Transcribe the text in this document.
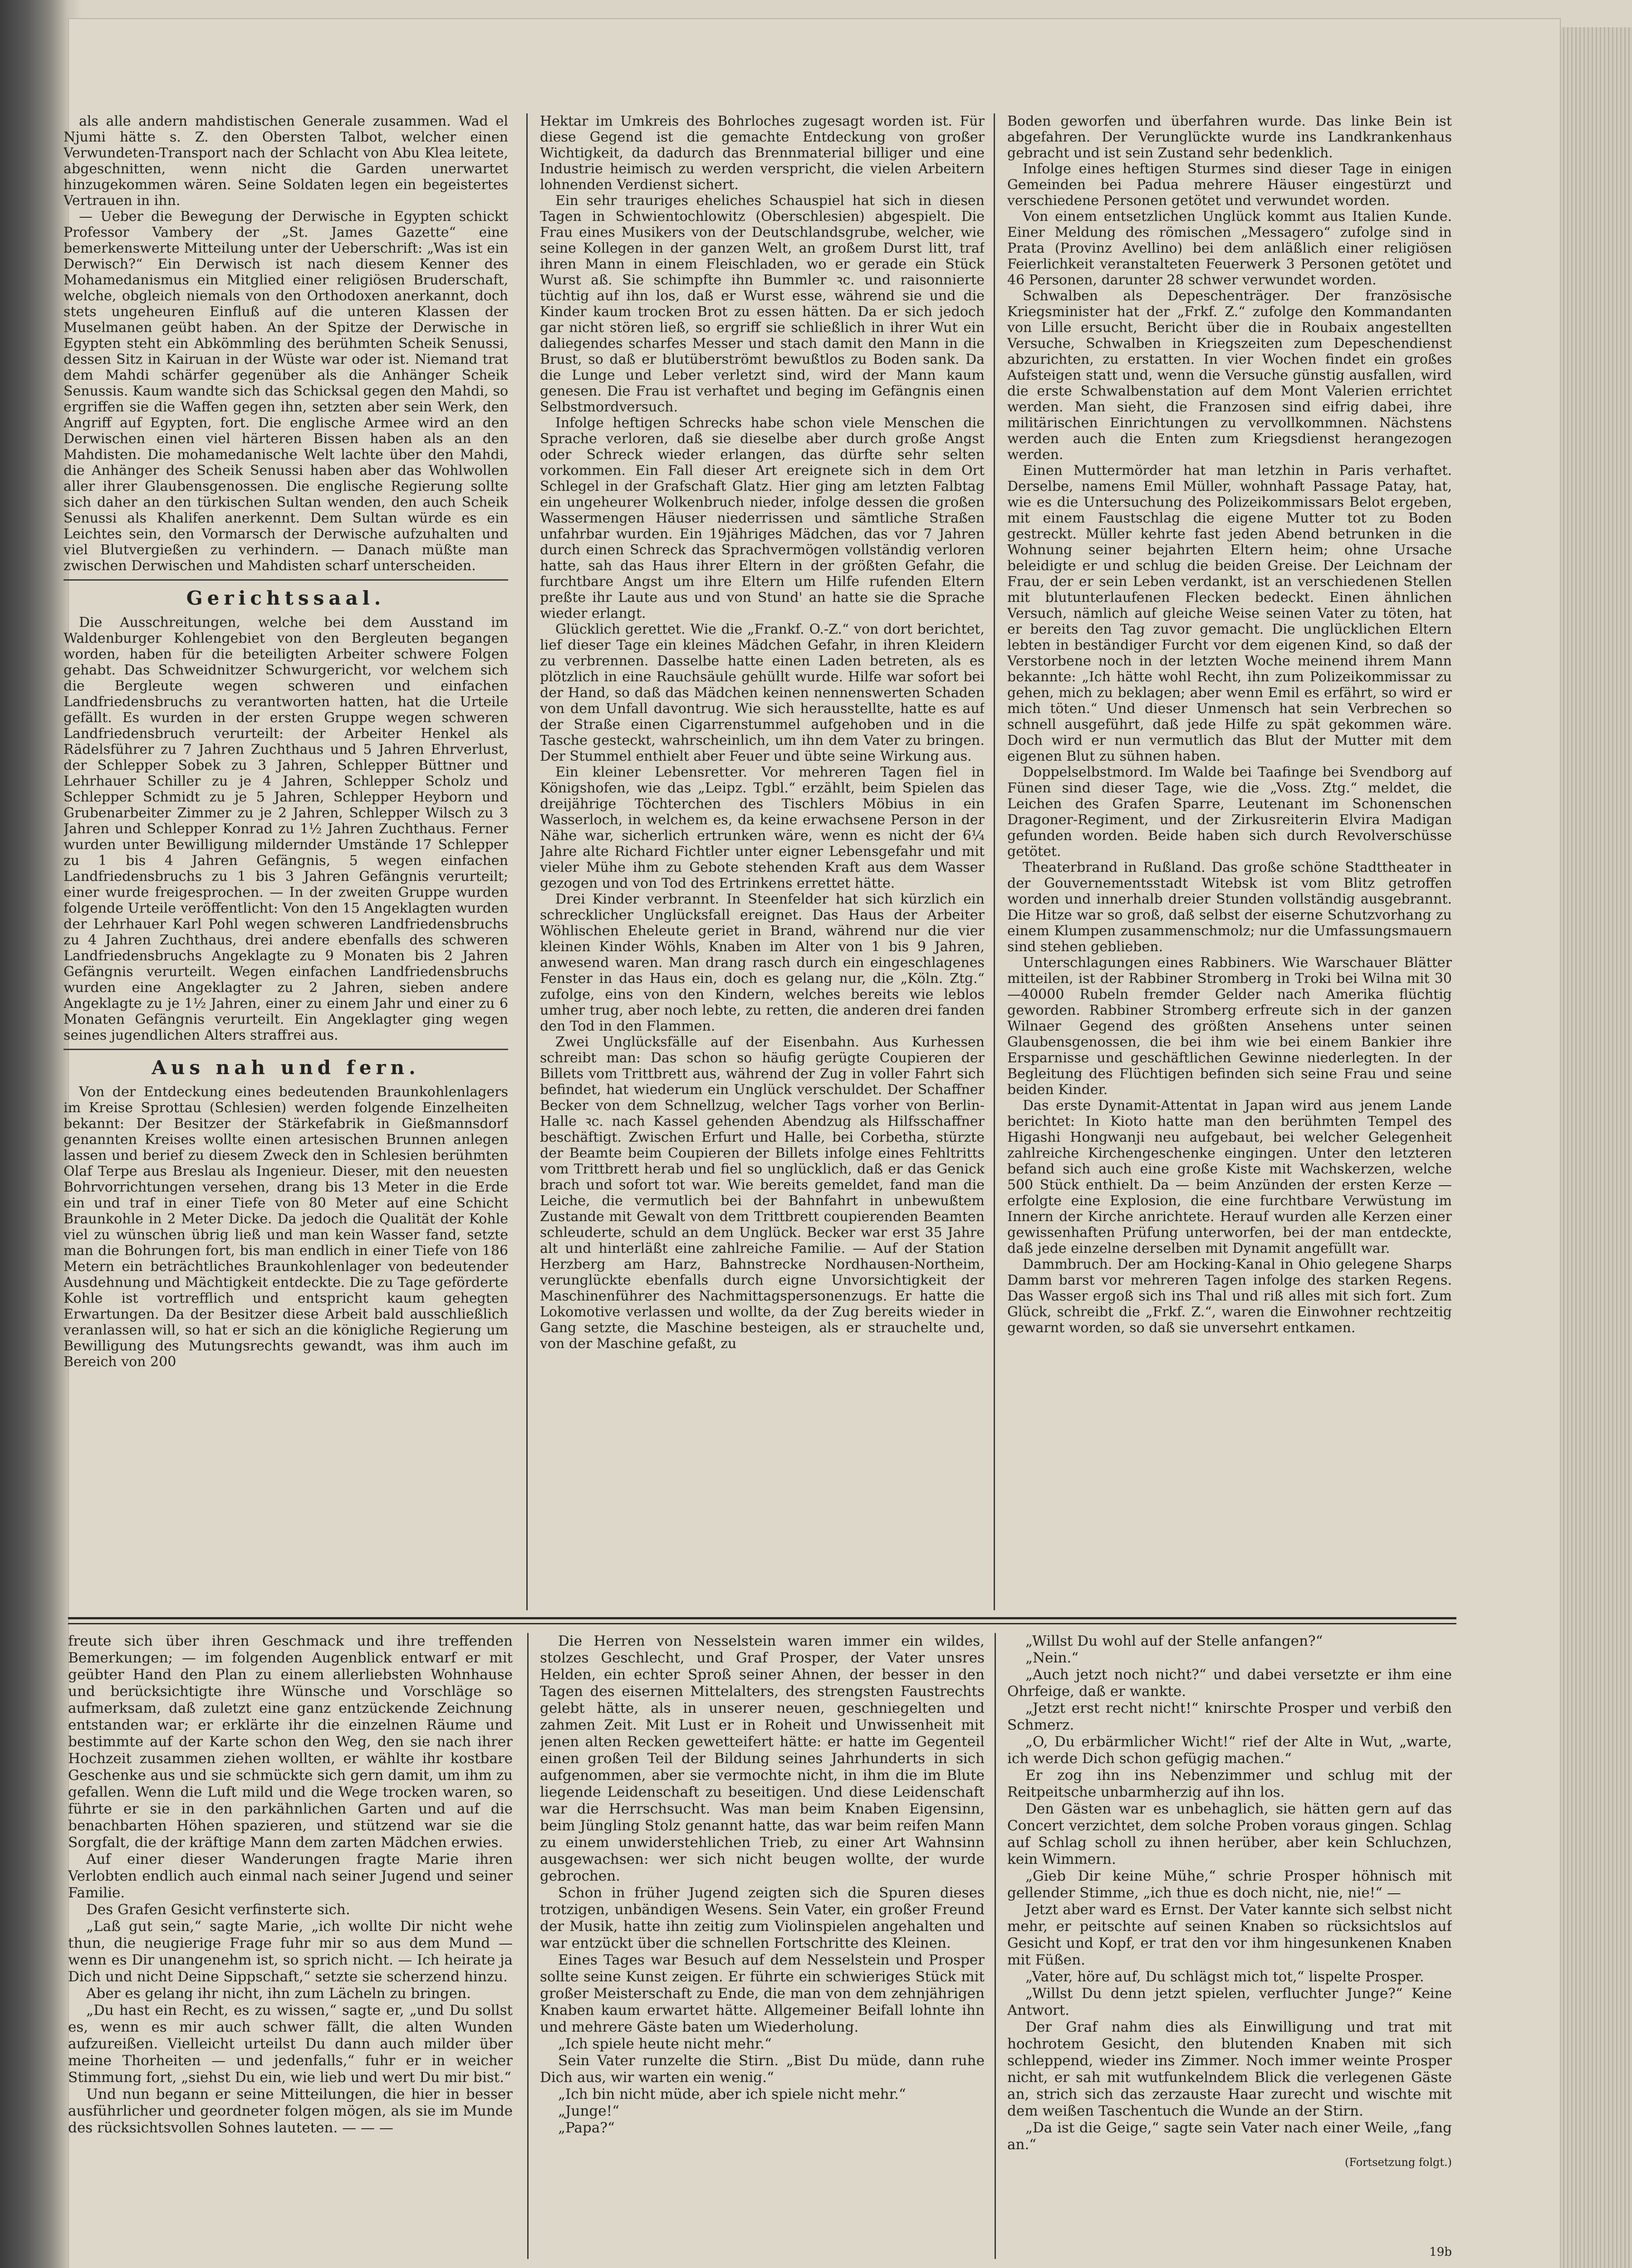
als alle andern mahdistischen Generale zusammen. Wad el Njumi hätte s. Z. den Obersten Talbot, welcher einen Verwundeten-Transport nach der Schlacht von Abu Klea leitete, abgeschnitten, wenn nicht die Garden unerwartet hinzugekommen wären. Seine Soldaten legen ein begeistertes Vertrauen in ihn.

— Ueber die Bewegung der Derwische in Egypten schickt Professor Vambery der „St. James Gazette“ eine bemerkenswerte Mitteilung unter der Ueberschrift: „Was ist ein Derwisch?“ Ein Derwisch ist nach diesem Kenner des Mohamedanismus ein Mitglied einer religiösen Bruderschaft, welche, obgleich niemals von den Orthodoxen anerkannt, doch stets ungeheuren Einfluß auf die unteren Klassen der Muselmanen geübt haben. An der Spitze der Derwische in Egypten steht ein Abkömmling des berühmten Scheik Senussi, dessen Sitz in Kairuan in der Wüste war oder ist. Niemand trat dem Mahdi schärfer gegenüber als die Anhänger Scheik Senussis. Kaum wandte sich das Schicksal gegen den Mahdi, so ergriffen sie die Waffen gegen ihn, setzten aber sein Werk, den Angriff auf Egypten, fort. Die englische Armee wird an den Derwischen einen viel härteren Bissen haben als an den Mahdisten. Die mohamedanische Welt lachte über den Mahdi, die Anhänger des Scheik Senussi haben aber das Wohlwollen aller ihrer Glaubensgenossen. Die englische Regierung sollte sich daher an den türkischen Sultan wenden, den auch Scheik Senussi als Khalifen anerkennt. Dem Sultan würde es ein Leichtes sein, den Vormarsch der Derwische aufzuhalten und viel Blutvergießen zu verhindern. — Danach müßte man zwischen Derwischen und Mahdisten scharf unterscheiden.

Gerichtssaal.

Die Ausschreitungen, welche bei dem Ausstand im Waldenburger Kohlengebiet von den Bergleuten begangen worden, haben für die beteiligten Arbeiter schwere Folgen gehabt. Das Schweidnitzer Schwurgericht, vor welchem sich die Bergleute wegen schweren und einfachen Landfriedensbruchs zu verantworten hatten, hat die Urteile gefällt. Es wurden in der ersten Gruppe wegen schweren Landfriedensbruch verurteilt: der Arbeiter Henkel als Rädelsführer zu 7 Jahren Zuchthaus und 5 Jahren Ehrverlust, der Schlepper Sobek zu 3 Jahren, Schlepper Büttner und Lehrhauer Schiller zu je 4 Jahren, Schlepper Scholz und Schlepper Schmidt zu je 5 Jahren, Schlepper Heyborn und Grubenarbeiter Zimmer zu je 2 Jahren, Schlepper Wilsch zu 3 Jahren und Schlepper Konrad zu 1½ Jahren Zuchthaus. Ferner wurden unter Bewilligung mildernder Umstände 17 Schlepper zu 1 bis 4 Jahren Gefängnis, 5 wegen einfachen Landfriedensbruchs zu 1 bis 3 Jahren Gefängnis verurteilt; einer wurde freigesprochen. — In der zweiten Gruppe wurden folgende Urteile veröffentlicht: Von den 15 Angeklagten wurden der Lehrhauer Karl Pohl wegen schweren Landfriedensbruchs zu 4 Jahren Zuchthaus, drei andere ebenfalls des schweren Landfriedensbruchs Angeklagte zu 9 Monaten bis 2 Jahren Gefängnis verurteilt. Wegen einfachen Landfriedensbruchs wurden eine Angeklagter zu 2 Jahren, sieben andere Angeklagte zu je 1½ Jahren, einer zu einem Jahr und einer zu 6 Monaten Gefängnis verurteilt. Ein Angeklagter ging wegen seines jugendlichen Alters straffrei aus.

Aus nah und fern.

Von der Entdeckung eines bedeutenden Braunkohlenlagers im Kreise Sprottau (Schlesien) werden folgende Einzelheiten bekannt: Der Besitzer der Stärkefabrik in Gießmannsdorf genannten Kreises wollte einen artesischen Brunnen anlegen lassen und berief zu diesem Zweck den in Schlesien berühmten Olaf Terpe aus Breslau als Ingenieur. Dieser, mit den neuesten Bohrvorrichtungen versehen, drang bis 13 Meter in die Erde ein und traf in einer Tiefe von 80 Meter auf eine Schicht Braunkohle in 2 Meter Dicke. Da jedoch die Qualität der Kohle viel zu wünschen übrig ließ und man kein Wasser fand, setzte man die Bohrungen fort, bis man endlich in einer Tiefe von 186 Metern ein beträchtliches Braunkohlenlager von bedeutender Ausdehnung und Mächtigkeit entdeckte. Die zu Tage geförderte Kohle ist vortrefflich und entspricht kaum gehegten Erwartungen. Da der Besitzer diese Arbeit bald ausschließlich veranlassen will, so hat er sich an die königliche Regierung um Bewilligung des Mutungsrechts gewandt, was ihm auch im Bereich von 200

Hektar im Umkreis des Bohrloches zugesagt worden ist. Für diese Gegend ist die gemachte Entdeckung von großer Wichtigkeit, da dadurch das Brennmaterial billiger und eine Industrie heimisch zu werden verspricht, die vielen Arbeitern lohnenden Verdienst sichert.

Ein sehr trauriges eheliches Schauspiel hat sich in diesen Tagen in Schwientochlowitz (Oberschlesien) abgespielt. Die Frau eines Musikers von der Deutschlandsgrube, welcher, wie seine Kollegen in der ganzen Welt, an großem Durst litt, traf ihren Mann in einem Fleischladen, wo er gerade ein Stück Wurst aß. Sie schimpfte ihn Bummler ꝛc. und raisonnierte tüchtig auf ihn los, daß er Wurst esse, während sie und die Kinder kaum trocken Brot zu essen hätten. Da er sich jedoch gar nicht stören ließ, so ergriff sie schließlich in ihrer Wut ein daliegendes scharfes Messer und stach damit den Mann in die Brust, so daß er blutüberströmt bewußtlos zu Boden sank. Da die Lunge und Leber verletzt sind, wird der Mann kaum genesen. Die Frau ist verhaftet und beging im Gefängnis einen Selbstmordversuch.

Infolge heftigen Schrecks habe schon viele Menschen die Sprache verloren, daß sie dieselbe aber durch große Angst oder Schreck wieder erlangen, das dürfte sehr selten vorkommen. Ein Fall dieser Art ereignete sich in dem Ort Schlegel in der Grafschaft Glatz. Hier ging am letzten Falbtag ein ungeheurer Wolkenbruch nieder, infolge dessen die großen Wassermengen Häuser niederrissen und sämtliche Straßen unfahrbar wurden. Ein 19jähriges Mädchen, das vor 7 Jahren durch einen Schreck das Sprachvermögen vollständig verloren hatte, sah das Haus ihrer Eltern in der größten Gefahr, die furchtbare Angst um ihre Eltern um Hilfe rufenden Eltern preßte ihr Laute aus und von Stund' an hatte sie die Sprache wieder erlangt.

Glücklich gerettet. Wie die „Frankf. O.-Z.“ von dort berichtet, lief dieser Tage ein kleines Mädchen Gefahr, in ihren Kleidern zu verbrennen. Dasselbe hatte einen Laden betreten, als es plötzlich in eine Rauchsäule gehüllt wurde. Hilfe war sofort bei der Hand, so daß das Mädchen keinen nennenswerten Schaden von dem Unfall davontrug. Wie sich herausstellte, hatte es auf der Straße einen Cigarrenstummel aufgehoben und in die Tasche gesteckt, wahrscheinlich, um ihn dem Vater zu bringen. Der Stummel enthielt aber Feuer und übte seine Wirkung aus.

Ein kleiner Lebensretter. Vor mehreren Tagen fiel in Königshofen, wie das „Leipz. Tgbl.“ erzählt, beim Spielen das dreijährige Töchterchen des Tischlers Möbius in ein Wasserloch, in welchem es, da keine erwachsene Person in der Nähe war, sicherlich ertrunken wäre, wenn es nicht der 6¼ Jahre alte Richard Fichtler unter eigner Lebensgefahr und mit vieler Mühe ihm zu Gebote stehenden Kraft aus dem Wasser gezogen und von Tod des Ertrinkens errettet hätte.

Drei Kinder verbrannt. In Steenfelder hat sich kürzlich ein schrecklicher Unglücksfall ereignet. Das Haus der Arbeiter Wöhlischen Eheleute geriet in Brand, während nur die vier kleinen Kinder Wöhls, Knaben im Alter von 1 bis 9 Jahren, anwesend waren. Man drang rasch durch ein eingeschlagenes Fenster in das Haus ein, doch es gelang nur, die „Köln. Ztg.“ zufolge, eins von den Kindern, welches bereits wie leblos umher trug, aber noch lebte, zu retten, die anderen drei fanden den Tod in den Flammen.

Zwei Unglücksfälle auf der Eisenbahn. Aus Kurhessen schreibt man: Das schon so häufig gerügte Coupieren der Billets vom Trittbrett aus, während der Zug in voller Fahrt sich befindet, hat wiederum ein Unglück verschuldet. Der Schaffner Becker von dem Schnellzug, welcher Tags vorher von Berlin-Halle ꝛc. nach Kassel gehenden Abendzug als Hilfsschaffner beschäftigt. Zwischen Erfurt und Halle, bei Corbetha, stürzte der Beamte beim Coupieren der Billets infolge eines Fehltritts vom Trittbrett herab und fiel so unglücklich, daß er das Genick brach und sofort tot war. Wie bereits gemeldet, fand man die Leiche, die vermutlich bei der Bahnfahrt in unbewußtem Zustande mit Gewalt von dem Trittbrett coupierenden Beamten schleuderte, schuld an dem Unglück. Becker war erst 35 Jahre alt und hinterläßt eine zahlreiche Familie. — Auf der Station Herzberg am Harz, Bahnstrecke Nordhausen-Northeim, verunglückte ebenfalls durch eigne Unvorsichtigkeit der Maschinenführer des Nachmittagspersonenzugs. Er hatte die Lokomotive verlassen und wollte, da der Zug bereits wieder in Gang setzte, die Maschine besteigen, als er strauchelte und, von der Maschine gefaßt, zu

Boden geworfen und überfahren wurde. Das linke Bein ist abgefahren. Der Verunglückte wurde ins Landkrankenhaus gebracht und ist sein Zustand sehr bedenklich.

Infolge eines heftigen Sturmes sind dieser Tage in einigen Gemeinden bei Padua mehrere Häuser eingestürzt und verschiedene Personen getötet und verwundet worden.

Von einem entsetzlichen Unglück kommt aus Italien Kunde. Einer Meldung des römischen „Messagero“ zufolge sind in Prata (Provinz Avellino) bei dem anläßlich einer religiösen Feierlichkeit veranstalteten Feuerwerk 3 Personen getötet und 46 Personen, darunter 28 schwer verwundet worden.

Schwalben als Depeschenträger. Der französische Kriegsminister hat der „Frkf. Z.“ zufolge den Kommandanten von Lille ersucht, Bericht über die in Roubaix angestellten Versuche, Schwalben in Kriegszeiten zum Depeschendienst abzurichten, zu erstatten. In vier Wochen findet ein großes Aufsteigen statt und, wenn die Versuche günstig ausfallen, wird die erste Schwalbenstation auf dem Mont Valerien errichtet werden. Man sieht, die Franzosen sind eifrig dabei, ihre militärischen Einrichtungen zu vervollkommnen. Nächstens werden auch die Enten zum Kriegsdienst herangezogen werden.

Einen Muttermörder hat man letzhin in Paris verhaftet. Derselbe, namens Emil Müller, wohnhaft Passage Patay, hat, wie es die Untersuchung des Polizeikommissars Belot ergeben, mit einem Faustschlag die eigene Mutter tot zu Boden gestreckt. Müller kehrte fast jeden Abend betrunken in die Wohnung seiner bejahrten Eltern heim; ohne Ursache beleidigte er und schlug die beiden Greise. Der Leichnam der Frau, der er sein Leben verdankt, ist an verschiedenen Stellen mit blutunterlaufenen Flecken bedeckt. Einen ähnlichen Versuch, nämlich auf gleiche Weise seinen Vater zu töten, hat er bereits den Tag zuvor gemacht. Die unglücklichen Eltern lebten in beständiger Furcht vor dem eigenen Kind, so daß der Verstorbene noch in der letzten Woche meinend ihrem Mann bekannte: „Ich hätte wohl Recht, ihn zum Polizeikommissar zu gehen, mich zu beklagen; aber wenn Emil es erfährt, so wird er mich töten.“ Und dieser Unmensch hat sein Verbrechen so schnell ausgeführt, daß jede Hilfe zu spät gekommen wäre. Doch wird er nun vermutlich das Blut der Mutter mit dem eigenen Blut zu sühnen haben.

Doppelselbstmord. Im Walde bei Taafinge bei Svendborg auf Fünen sind dieser Tage, wie die „Voss. Ztg.“ meldet, die Leichen des Grafen Sparre, Leutenant im Schonenschen Dragoner-Regiment, und der Zirkusreiterin Elvira Madigan gefunden worden. Beide haben sich durch Revolverschüsse getötet.

Theaterbrand in Rußland. Das große schöne Stadttheater in der Gouvernementsstadt Witebsk ist vom Blitz getroffen worden und innerhalb dreier Stunden vollständig ausgebrannt. Die Hitze war so groß, daß selbst der eiserne Schutzvorhang zu einem Klumpen zusammenschmolz; nur die Umfassungsmauern sind stehen geblieben.

Unterschlagungen eines Rabbiners. Wie Warschauer Blätter mitteilen, ist der Rabbiner Stromberg in Troki bei Wilna mit 30—40000 Rubeln fremder Gelder nach Amerika flüchtig geworden. Rabbiner Stromberg erfreute sich in der ganzen Wilnaer Gegend des größten Ansehens unter seinen Glaubensgenossen, die bei ihm wie bei einem Bankier ihre Ersparnisse und geschäftlichen Gewinne niederlegten. In der Begleitung des Flüchtigen befinden sich seine Frau und seine beiden Kinder.

Das erste Dynamit-Attentat in Japan wird aus jenem Lande berichtet: In Kioto hatte man den berühmten Tempel des Higashi Hongwanji neu aufgebaut, bei welcher Gelegenheit zahlreiche Kirchengeschenke eingingen. Unter den letzteren befand sich auch eine große Kiste mit Wachskerzen, welche 500 Stück enthielt. Da — beim Anzünden der ersten Kerze — erfolgte eine Explosion, die eine furchtbare Verwüstung im Innern der Kirche anrichtete. Herauf wurden alle Kerzen einer gewissenhaften Prüfung unterworfen, bei der man entdeckte, daß jede einzelne derselben mit Dynamit angefüllt war.

Dammbruch. Der am Hocking-Kanal in Ohio gelegene Sharps Damm barst vor mehreren Tagen infolge des starken Regens. Das Wasser ergoß sich ins Thal und riß alles mit sich fort. Zum Glück, schreibt die „Frkf. Z.“, waren die Einwohner rechtzeitig gewarnt worden, so daß sie unversehrt entkamen.

freute sich über ihren Geschmack und ihre treffenden Bemerkungen; — im folgenden Augenblick entwarf er mit geübter Hand den Plan zu einem allerliebsten Wohnhause und berücksichtigte ihre Wünsche und Vorschläge so aufmerksam, daß zuletzt eine ganz entzückende Zeichnung entstanden war; er erklärte ihr die einzelnen Räume und bestimmte auf der Karte schon den Weg, den sie nach ihrer Hochzeit zusammen ziehen wollten, er wählte ihr kostbare Geschenke aus und sie schmückte sich gern damit, um ihm zu gefallen. Wenn die Luft mild und die Wege trocken waren, so führte er sie in den parkähnlichen Garten und auf die benachbarten Höhen spazieren, und stützend war sie die Sorgfalt, die der kräftige Mann dem zarten Mädchen erwies.

Auf einer dieser Wanderungen fragte Marie ihren Verlobten endlich auch einmal nach seiner Jugend und seiner Familie.

Des Grafen Gesicht verfinsterte sich.

„Laß gut sein,“ sagte Marie, „ich wollte Dir nicht wehe thun, die neugierige Frage fuhr mir so aus dem Mund — wenn es Dir unangenehm ist, so sprich nicht. — Ich heirate ja Dich und nicht Deine Sippschaft,“ setzte sie scherzend hinzu.

Aber es gelang ihr nicht, ihn zum Lächeln zu bringen.

„Du hast ein Recht, es zu wissen,“ sagte er, „und Du sollst es, wenn es mir auch schwer fällt, die alten Wunden aufzureißen. Vielleicht urteilst Du dann auch milder über meine Thorheiten — und jedenfalls,“ fuhr er in weicher Stimmung fort, „siehst Du ein, wie lieb und wert Du mir bist.“

Und nun begann er seine Mitteilungen, die hier in besser ausführlicher und geordneter folgen mögen, als sie im Munde des rücksichtsvollen Sohnes lauteten. — — —

Die Herren von Nesselstein waren immer ein wildes, stolzes Geschlecht, und Graf Prosper, der Vater unsres Helden, ein echter Sproß seiner Ahnen, der besser in den Tagen des eisernen Mittelalters, des strengsten Faustrechts gelebt hätte, als in unserer neuen, geschniegelten und zahmen Zeit. Mit Lust er in Roheit und Unwissenheit mit jenen alten Recken gewetteifert hätte: er hatte im Gegenteil einen großen Teil der Bildung seines Jahrhunderts in sich aufgenommen, aber sie vermochte nicht, in ihm die im Blute liegende Leidenschaft zu beseitigen. Und diese Leidenschaft war die Herrschsucht. Was man beim Knaben Eigensinn, beim Jüngling Stolz genannt hatte, das war beim reifen Mann zu einem unwiderstehlichen Trieb, zu einer Art Wahnsinn ausgewachsen: wer sich nicht beugen wollte, der wurde gebrochen.

Schon in früher Jugend zeigten sich die Spuren dieses trotzigen, unbändigen Wesens. Sein Vater, ein großer Freund der Musik, hatte ihn zeitig zum Violinspielen angehalten und war entzückt über die schnellen Fortschritte des Kleinen.

Eines Tages war Besuch auf dem Nesselstein und Prosper sollte seine Kunst zeigen. Er führte ein schwieriges Stück mit großer Meisterschaft zu Ende, die man von dem zehnjährigen Knaben kaum erwartet hätte. Allgemeiner Beifall lohnte ihn und mehrere Gäste baten um Wiederholung.

„Ich spiele heute nicht mehr.“

Sein Vater runzelte die Stirn. „Bist Du müde, dann ruhe Dich aus, wir warten ein wenig.“

„Ich bin nicht müde, aber ich spiele nicht mehr.“

„Junge!“

„Papa?“

„Willst Du wohl auf der Stelle anfangen?“

„Nein.“

„Auch jetzt noch nicht?“ und dabei versetzte er ihm eine Ohrfeige, daß er wankte.

„Jetzt erst recht nicht!“ knirschte Prosper und verbiß den Schmerz.

„O, Du erbärmlicher Wicht!“ rief der Alte in Wut, „warte, ich werde Dich schon gefügig machen.“

Er zog ihn ins Nebenzimmer und schlug mit der Reitpeitsche unbarmherzig auf ihn los.

Den Gästen war es unbehaglich, sie hätten gern auf das Concert verzichtet, dem solche Proben voraus gingen. Schlag auf Schlag scholl zu ihnen herüber, aber kein Schluchzen, kein Wimmern.

„Gieb Dir keine Mühe,“ schrie Prosper höhnisch mit gellender Stimme, „ich thue es doch nicht, nie, nie!“ —

Jetzt aber ward es Ernst. Der Vater kannte sich selbst nicht mehr, er peitschte auf seinen Knaben so rücksichtslos auf Gesicht und Kopf, er trat den vor ihm hingesunkenen Knaben mit Füßen.

„Vater, höre auf, Du schlägst mich tot,“ lispelte Prosper.

„Willst Du denn jetzt spielen, verfluchter Junge?“ Keine Antwort.

Der Graf nahm dies als Einwilligung und trat mit hochrotem Gesicht, den blutenden Knaben mit sich schleppend, wieder ins Zimmer. Noch immer weinte Prosper nicht, er sah mit wutfunkelndem Blick die verlegenen Gäste an, strich sich das zerzauste Haar zurecht und wischte mit dem weißen Taschentuch die Wunde an der Stirn.

„Da ist die Geige,“ sagte sein Vater nach einer Weile, „fang an.“

(Fortsetzung folgt.)
19b
